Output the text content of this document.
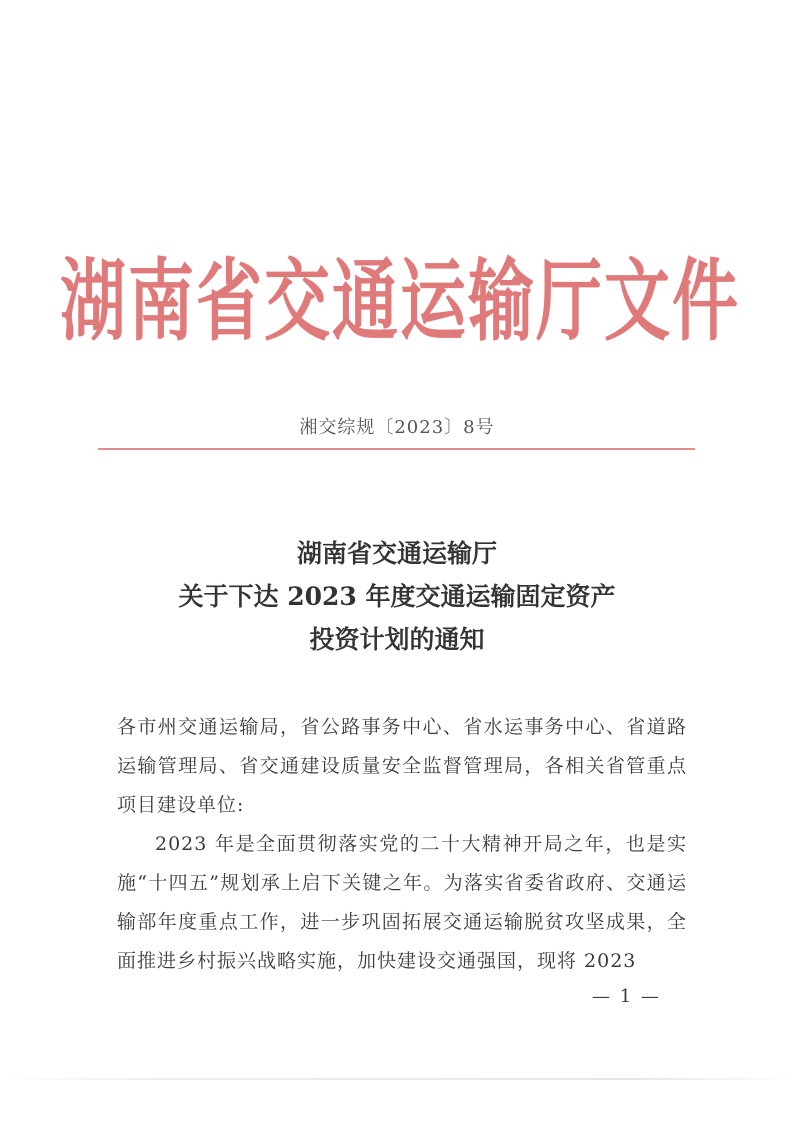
湖南省交通运输厅文件
湘交综规〔2023〕8号
湖南省交通运输厅
关于下达 2023 年度交通运输固定资产
投资计划的通知

各市州交通运输局，省公路事务中心、省水运事务中心、省道路运输管理局、省交通建设质量安全监督管理局，各相关省管重点项目建设单位:

2023 年是全面贯彻落实党的二十大精神开局之年，也是实施“十四五”规划承上启下关键之年。为落实省委省政府、交通运输部年度重点工作，进一步巩固拓展交通运输脱贫攻坚成果，全面推进乡村振兴战略实施，加快建设交通强国，现将 2023

— 1 —
